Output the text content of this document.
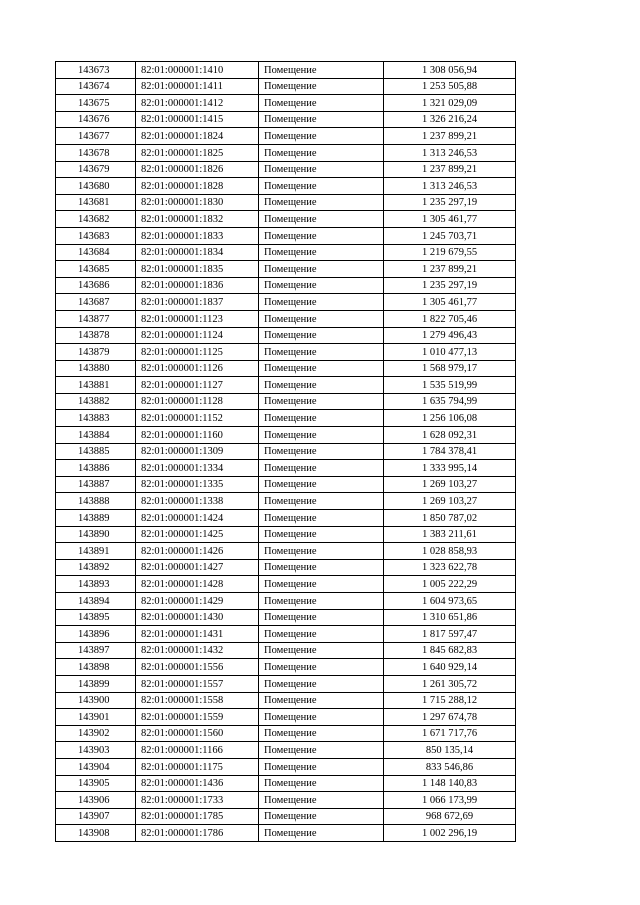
143673	82:01:000001:1410	Помещение	1 308 056,94
143674	82:01:000001:1411	Помещение	1 253 505,88
143675	82:01:000001:1412	Помещение	1 321 029,09
143676	82:01:000001:1415	Помещение	1 326 216,24
143677	82:01:000001:1824	Помещение	1 237 899,21
143678	82:01:000001:1825	Помещение	1 313 246,53
143679	82:01:000001:1826	Помещение	1 237 899,21
143680	82:01:000001:1828	Помещение	1 313 246,53
143681	82:01:000001:1830	Помещение	1 235 297,19
143682	82:01:000001:1832	Помещение	1 305 461,77
143683	82:01:000001:1833	Помещение	1 245 703,71
143684	82:01:000001:1834	Помещение	1 219 679,55
143685	82:01:000001:1835	Помещение	1 237 899,21
143686	82:01:000001:1836	Помещение	1 235 297,19
143687	82:01:000001:1837	Помещение	1 305 461,77
143877	82:01:000001:1123	Помещение	1 822 705,46
143878	82:01:000001:1124	Помещение	1 279 496,43
143879	82:01:000001:1125	Помещение	1 010 477,13
143880	82:01:000001:1126	Помещение	1 568 979,17
143881	82:01:000001:1127	Помещение	1 535 519,99
143882	82:01:000001:1128	Помещение	1 635 794,99
143883	82:01:000001:1152	Помещение	1 256 106,08
143884	82:01:000001:1160	Помещение	1 628 092,31
143885	82:01:000001:1309	Помещение	1 784 378,41
143886	82:01:000001:1334	Помещение	1 333 995,14
143887	82:01:000001:1335	Помещение	1 269 103,27
143888	82:01:000001:1338	Помещение	1 269 103,27
143889	82:01:000001:1424	Помещение	1 850 787,02
143890	82:01:000001:1425	Помещение	1 383 211,61
143891	82:01:000001:1426	Помещение	1 028 858,93
143892	82:01:000001:1427	Помещение	1 323 622,78
143893	82:01:000001:1428	Помещение	1 005 222,29
143894	82:01:000001:1429	Помещение	1 604 973,65
143895	82:01:000001:1430	Помещение	1 310 651,86
143896	82:01:000001:1431	Помещение	1 817 597,47
143897	82:01:000001:1432	Помещение	1 845 682,83
143898	82:01:000001:1556	Помещение	1 640 929,14
143899	82:01:000001:1557	Помещение	1 261 305,72
143900	82:01:000001:1558	Помещение	1 715 288,12
143901	82:01:000001:1559	Помещение	1 297 674,78
143902	82:01:000001:1560	Помещение	1 671 717,76
143903	82:01:000001:1166	Помещение	850 135,14
143904	82:01:000001:1175	Помещение	833 546,86
143905	82:01:000001:1436	Помещение	1 148 140,83
143906	82:01:000001:1733	Помещение	1 066 173,99
143907	82:01:000001:1785	Помещение	968 672,69
143908	82:01:000001:1786	Помещение	1 002 296,19
